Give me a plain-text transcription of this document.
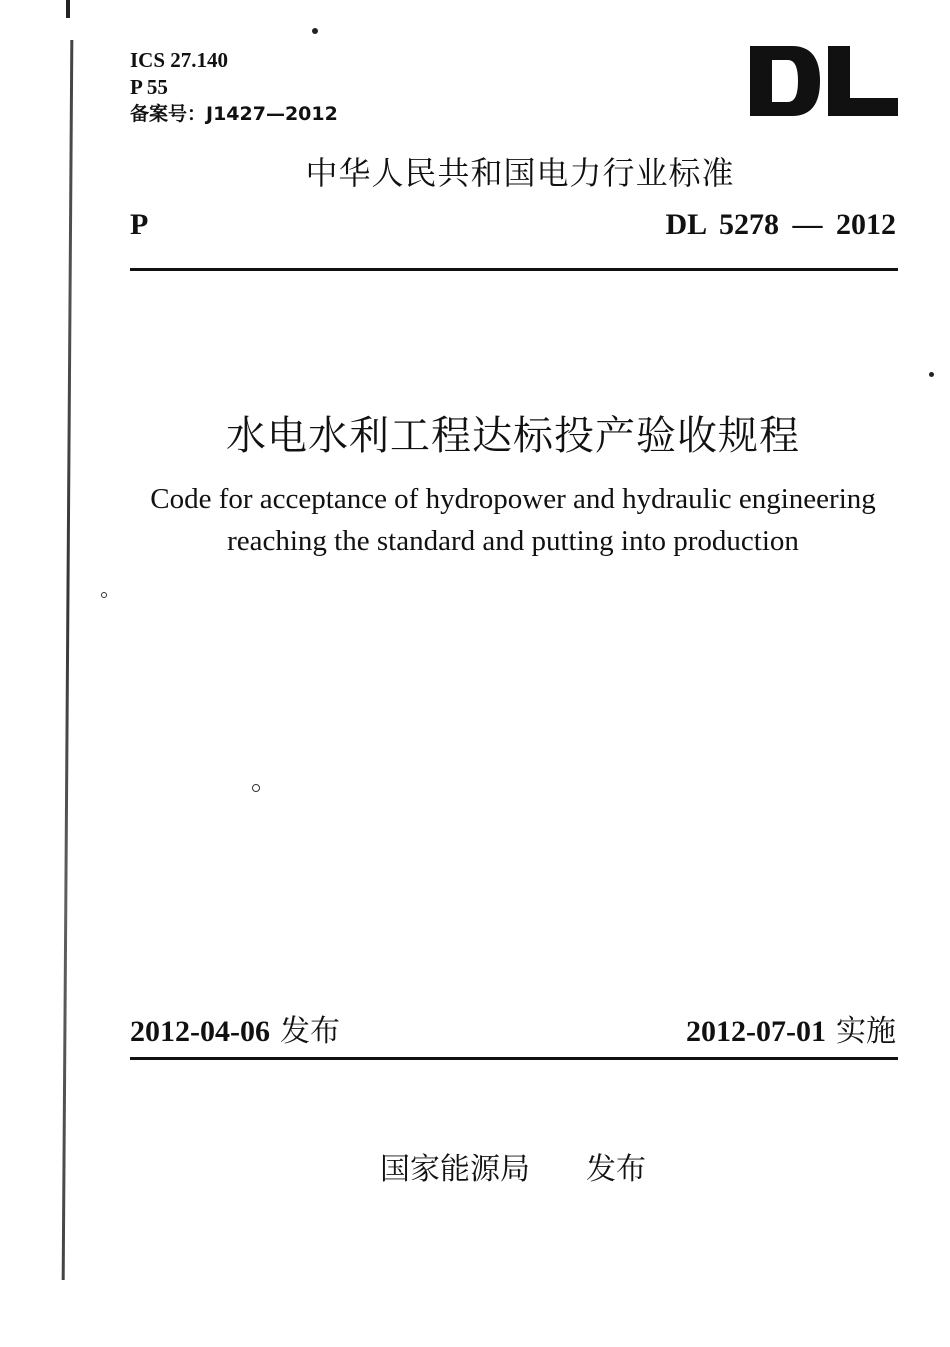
ICS 27.140
P 55
备案号：J1427—2012
中华人民共和国电力行业标准
P	DL 5278 — 2012
水电水利工程达标投产验收规程
Code for acceptance of hydropower and hydraulic engineering
reaching the standard and putting into production
2012-04-06 发布	2012-07-01 实施
国家能源局 发布
